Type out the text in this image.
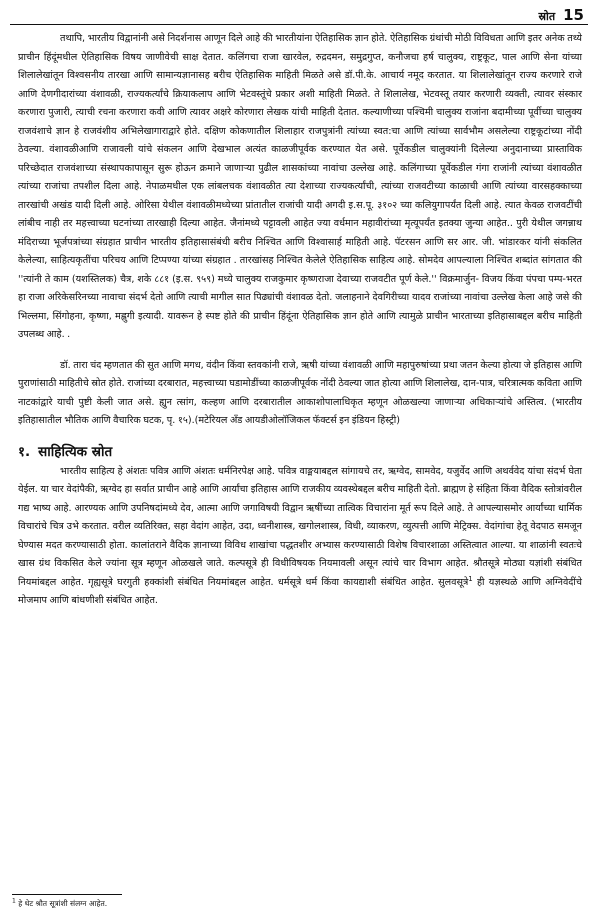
स्रोत 15

तथापि, भारतीय विद्वानांनी असे निदर्शनास आणून दिले आहे की भारतीयांना ऐतिहासिक ज्ञान होते. ऐतिहासिक ग्रंथांची मोठी विविधता आणि इतर अनेक तथ्ये प्राचीन हिंदूंमधील ऐतिहासिक विषय जाणीवेची साक्ष देतात. कलिंगचा राजा खारवेल, रुद्रदमन, समुद्रगुप्त, कनौजचा हर्ष चालुक्य, राष्ट्रकूट, पाल आणि सेना यांच्या शिलालेखांतून विश्वसनीय तारखा आणि सामान्यज्ञानासह बरीच ऐतिहासिक माहिती मिळते असे डॉ.पी.के. आचार्य नमूद करतात. या शिलालेखांतून राज्य करणारे राजे आणि देणगीदारांच्या वंशावळी, राज्यकर्त्यांचे क्रियाकलाप आणि भेटवस्तूंचे प्रकार अशी माहिती मिळते. ते शिलालेख, भेटवस्तू तयार करणारी व्यक्ती, त्यावर संस्कार करणारा पुजारी, त्याची रचना करणारा कवी आणि त्यावर अक्षरे कोरणारा लेखक यांची माहिती देतात. कल्याणीच्या पश्चिमी चालुक्य राजांना बदामीच्या पूर्वीच्या चालुक्य राजवंशाचे ज्ञान हे राजवंशीय अभिलेखागाराद्वारे होते. दक्षिण कोकणातील शिलाहार राजपुत्रांनी त्यांच्या स्वत:चा आणि त्यांच्या सार्वभौम असलेल्या राष्ट्रकूटांच्या नोंदी ठेवल्या. वंशावळीआणि राजावली यांचे संकलन आणि देखभाल अत्यंत काळजीपूर्वक करण्यात येत असे. पूर्वेकडील चालुक्यांनी दिलेल्या अनुदानाच्या प्रास्ताविक परिच्छेदात राजवंशाच्या संस्थापकापासून सुरू होऊन क्रमाने जाणाऱ्या पुढील शासकांच्या नावांचा उल्लेख आहे. कलिंगाच्या पूर्वेकडील गंगा राजांनी त्यांच्या वंशावळीत त्यांच्या राजांचा तपशील दिला आहे. नेपाळमधील एक लांबलचक वंशावळीत त्या देशाच्या राज्यकर्त्यांची, त्यांच्या राजवटीच्या काळाची आणि त्यांच्या वारसहक्काच्या तारखांची अखंड यादी दिली आहे. ओरिसा येथील वंशावळीमध्येच्या प्रांतातील राजांची यादी अगदी इ.स.पू. ३१०२ च्या कलियुगापर्यंत दिली आहे. त्यात केवळ राजवटींची लांबीच नाही तर महत्त्वाच्या घटनांच्या तारखाही दिल्या आहेत. जैनांमध्ये पट्टावली आहेत ज्या वर्धमान महावीरांच्या मृत्यूपर्यंत इतक्या जुन्या आहेत.. पुरी येथील जगन्नाथ मंदिराच्या भूर्जपत्रांच्या संग्रहात प्राचीन भारतीय इतिहासासंबंधी बरीच निश्चित आणि विश्वासार्ह माहिती आहे. पॅटरसन आणि सर आर. जी. भांडारकर यांनी संकलित केलेल्या, साहित्यकृतींचा परिचय आणि टिप्पण्या यांच्या संग्रहात . तारखांसह निश्चित केलेले ऐतिहासिक साहित्य आहे. सोमदेव आपल्याला निश्चित शब्दांत सांगतात की ''त्यांनी ते काम (यशस्तिलक) चैत्र, शके ८८१ (इ.स. ९५९) मध्ये चालुक्य राजकुमार कृष्णराजा देवाच्या राजवटीत पूर्ण केले.'' विक्रमार्जुन- विजय किंवा पंपचा पम्प-भरत हा राजा अरिकेसरिनच्या नावाचा संदर्भ देतो आणि त्याची मागील सात पिढ्यांची वंशावळ देतो. जलाहनाने देवगिरीच्या यादव राजांच्या नावांचा उल्लेख केला आहे जसे की भिल्लमा, सिंगोहना, कृष्णा, मह्लुगी इत्यादी. यावरून हे स्पष्ट होते की प्राचीन हिंदूंना ऐतिहासिक ज्ञान होते आणि त्यामुळे प्राचीन भारताच्या इतिहासाबद्दल बरीच माहिती उपलब्ध आहे. .

डॉ. तारा चंद म्हणतात की सुत आणि मगध, वंदीन किंवा स्तवकांनी राजे, ऋषी यांच्या वंशावळी आणि महापुरुषांच्या प्रथा जतन केल्या होत्या जे इतिहास आणि पुराणांसाठी माहितीचे स्रोत होते. राजांच्या दरबारात, महत्त्वाच्या घडामोडींच्या काळजीपूर्वक नोंदी ठेवल्या जात होत्या आणि शिलालेख, दान-पात्र, चरित्रात्मक कविता आणि नाटकांद्वारे याची पुष्टी केली जात असे. ह्युन त्सांग, कल्हण आणि दरबारातील आकाशोपालाधिकृत म्हणून ओळखल्या जाणाऱ्या अधिकाऱ्यांचे अस्तित्व. (भारतीय इतिहासातील भौतिक आणि वैचारिक घटक, पृ. १५).(मटेरियल अँड आयडीओलॉजिकल फॅक्टर्स इन इंडियन हिस्ट्री)

१. साहित्यिक स्रोत

भारतीय साहित्य हे अंशतः पवित्र आणि अंशतः धर्मनिरपेक्ष आहे. पवित्र वाङ्मयाबद्दल सांगायचे तर, ऋग्वेद, सामवेद, यजुर्वेद आणि अथर्ववेद यांचा संदर्भ घेता येईल. या चार वेदांपैकी, ऋग्वेद हा सर्वात प्राचीन आहे आणि आर्यांचा इतिहास आणि राजकीय व्यवस्थेबद्दल बरीच माहिती देतो. ब्राह्मण हे संहिता किंवा वैदिक स्तोत्रांवरील गद्य भाष्य आहे. आरण्यक आणि उपनिषदांमध्ये देव, आत्मा आणि जगाविषयी विद्वान ऋषींच्या तात्विक विचारांना मूर्त रूप दिले आहे. ते आपल्यासमोर आर्यांच्या धार्मिक विचारांचे चित्र उभे करतात. वरील व्यतिरिक्त, सहा वेदांग आहेत, उदा, ध्वनीशास्त्र, खगोलशास्त्र, विधी, व्याकरण, व्युत्पत्ती आणि मेट्रिक्स. वेदांगांचा हेतू वेदपाठ समजून घेण्यास मदत करण्यासाठी होता. कालांतराने वैदिक ज्ञानाच्या विविध शाखांचा पद्धतशीर अभ्यास करण्यासाठी विशेष विचारशाळा अस्तित्वात आल्या. या शाळांनी स्वतःचे खास ग्रंथ विकसित केले ज्यांना सूत्र म्हणून ओळखले जाते. कल्पसूत्रे ही विधीविषयक नियमावली असून त्यांचे चार विभाग आहेत. श्रौतसूत्रे मोठ्या यज्ञांशी संबंधित नियमांबद्दल आहेत. गृह्यसूत्रे घरगुती हक्कांशी संबंधित नियमांबद्दल आहेत. धर्मसूत्रे धर्म किंवा कायद्याशी संबंधित आहेत. सुलवसूत्रे$^1$ ही यज्ञस्थळे आणि अग्निवेदींचे मोजमाप आणि बांधणीशी संबंधित आहेत.

$^1$ हे थेट श्रौत सूत्रांशी संलग्न आहेत.
